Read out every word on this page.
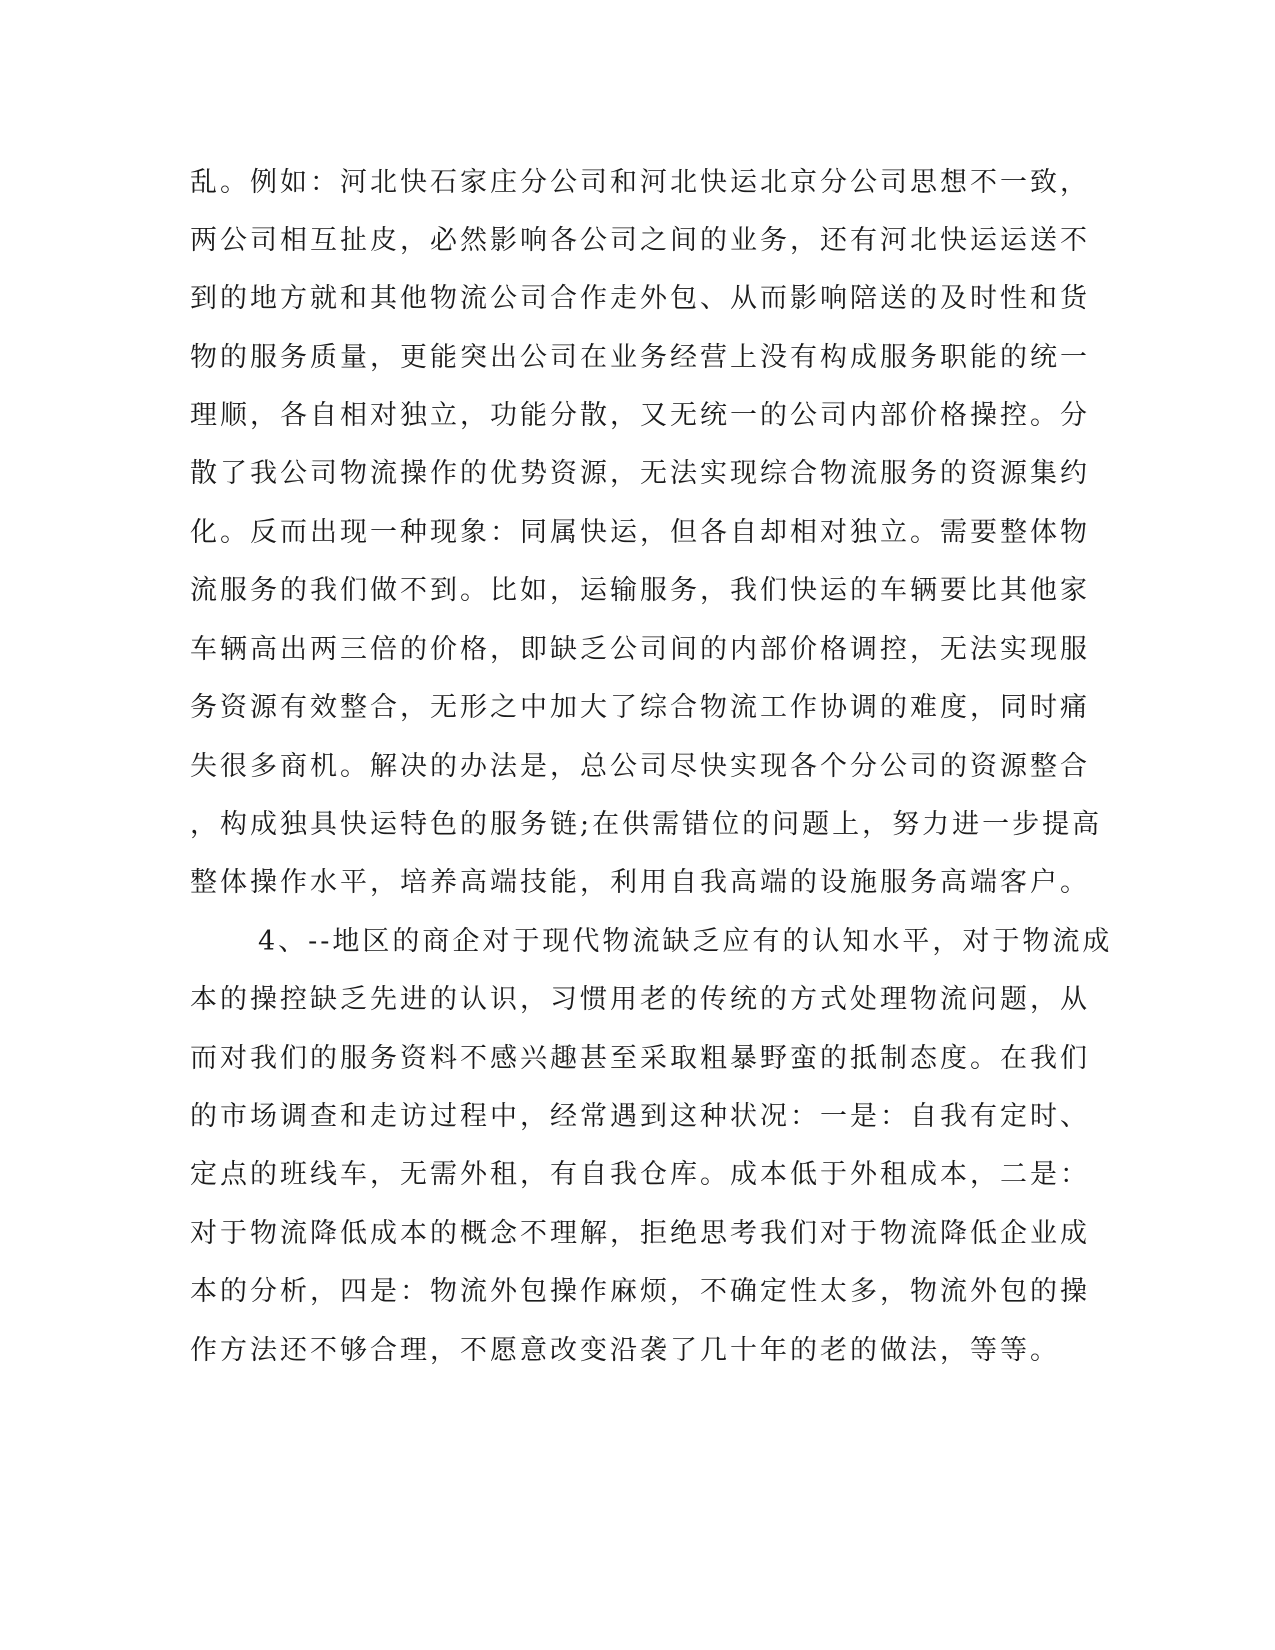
乱。例如：河北快石家庄分公司和河北快运北京分公司思想不一致，
两公司相互扯皮，必然影响各公司之间的业务，还有河北快运运送不
到的地方就和其他物流公司合作走外包、从而影响陪送的及时性和货
物的服务质量，更能突出公司在业务经营上没有构成服务职能的统一
理顺，各自相对独立，功能分散，又无统一的公司内部价格操控。分
散了我公司物流操作的优势资源，无法实现综合物流服务的资源集约
化。反而出现一种现象：同属快运，但各自却相对独立。需要整体物
流服务的我们做不到。比如，运输服务，我们快运的车辆要比其他家
车辆高出两三倍的价格，即缺乏公司间的内部价格调控，无法实现服
务资源有效整合，无形之中加大了综合物流工作协调的难度，同时痛
失很多商机。解决的办法是，总公司尽快实现各个分公司的资源整合
，构成独具快运特色的服务链;在供需错位的问题上，努力进一步提高
整体操作水平，培养高端技能，利用自我高端的设施服务高端客户。
4、--地区的商企对于现代物流缺乏应有的认知水平，对于物流成
本的操控缺乏先进的认识，习惯用老的传统的方式处理物流问题，从
而对我们的服务资料不感兴趣甚至采取粗暴野蛮的抵制态度。在我们
的市场调查和走访过程中，经常遇到这种状况：一是：自我有定时、
定点的班线车，无需外租，有自我仓库。成本低于外租成本，二是：
对于物流降低成本的概念不理解，拒绝思考我们对于物流降低企业成
本的分析，四是：物流外包操作麻烦，不确定性太多，物流外包的操
作方法还不够合理，不愿意改变沿袭了几十年的老的做法，等等。
